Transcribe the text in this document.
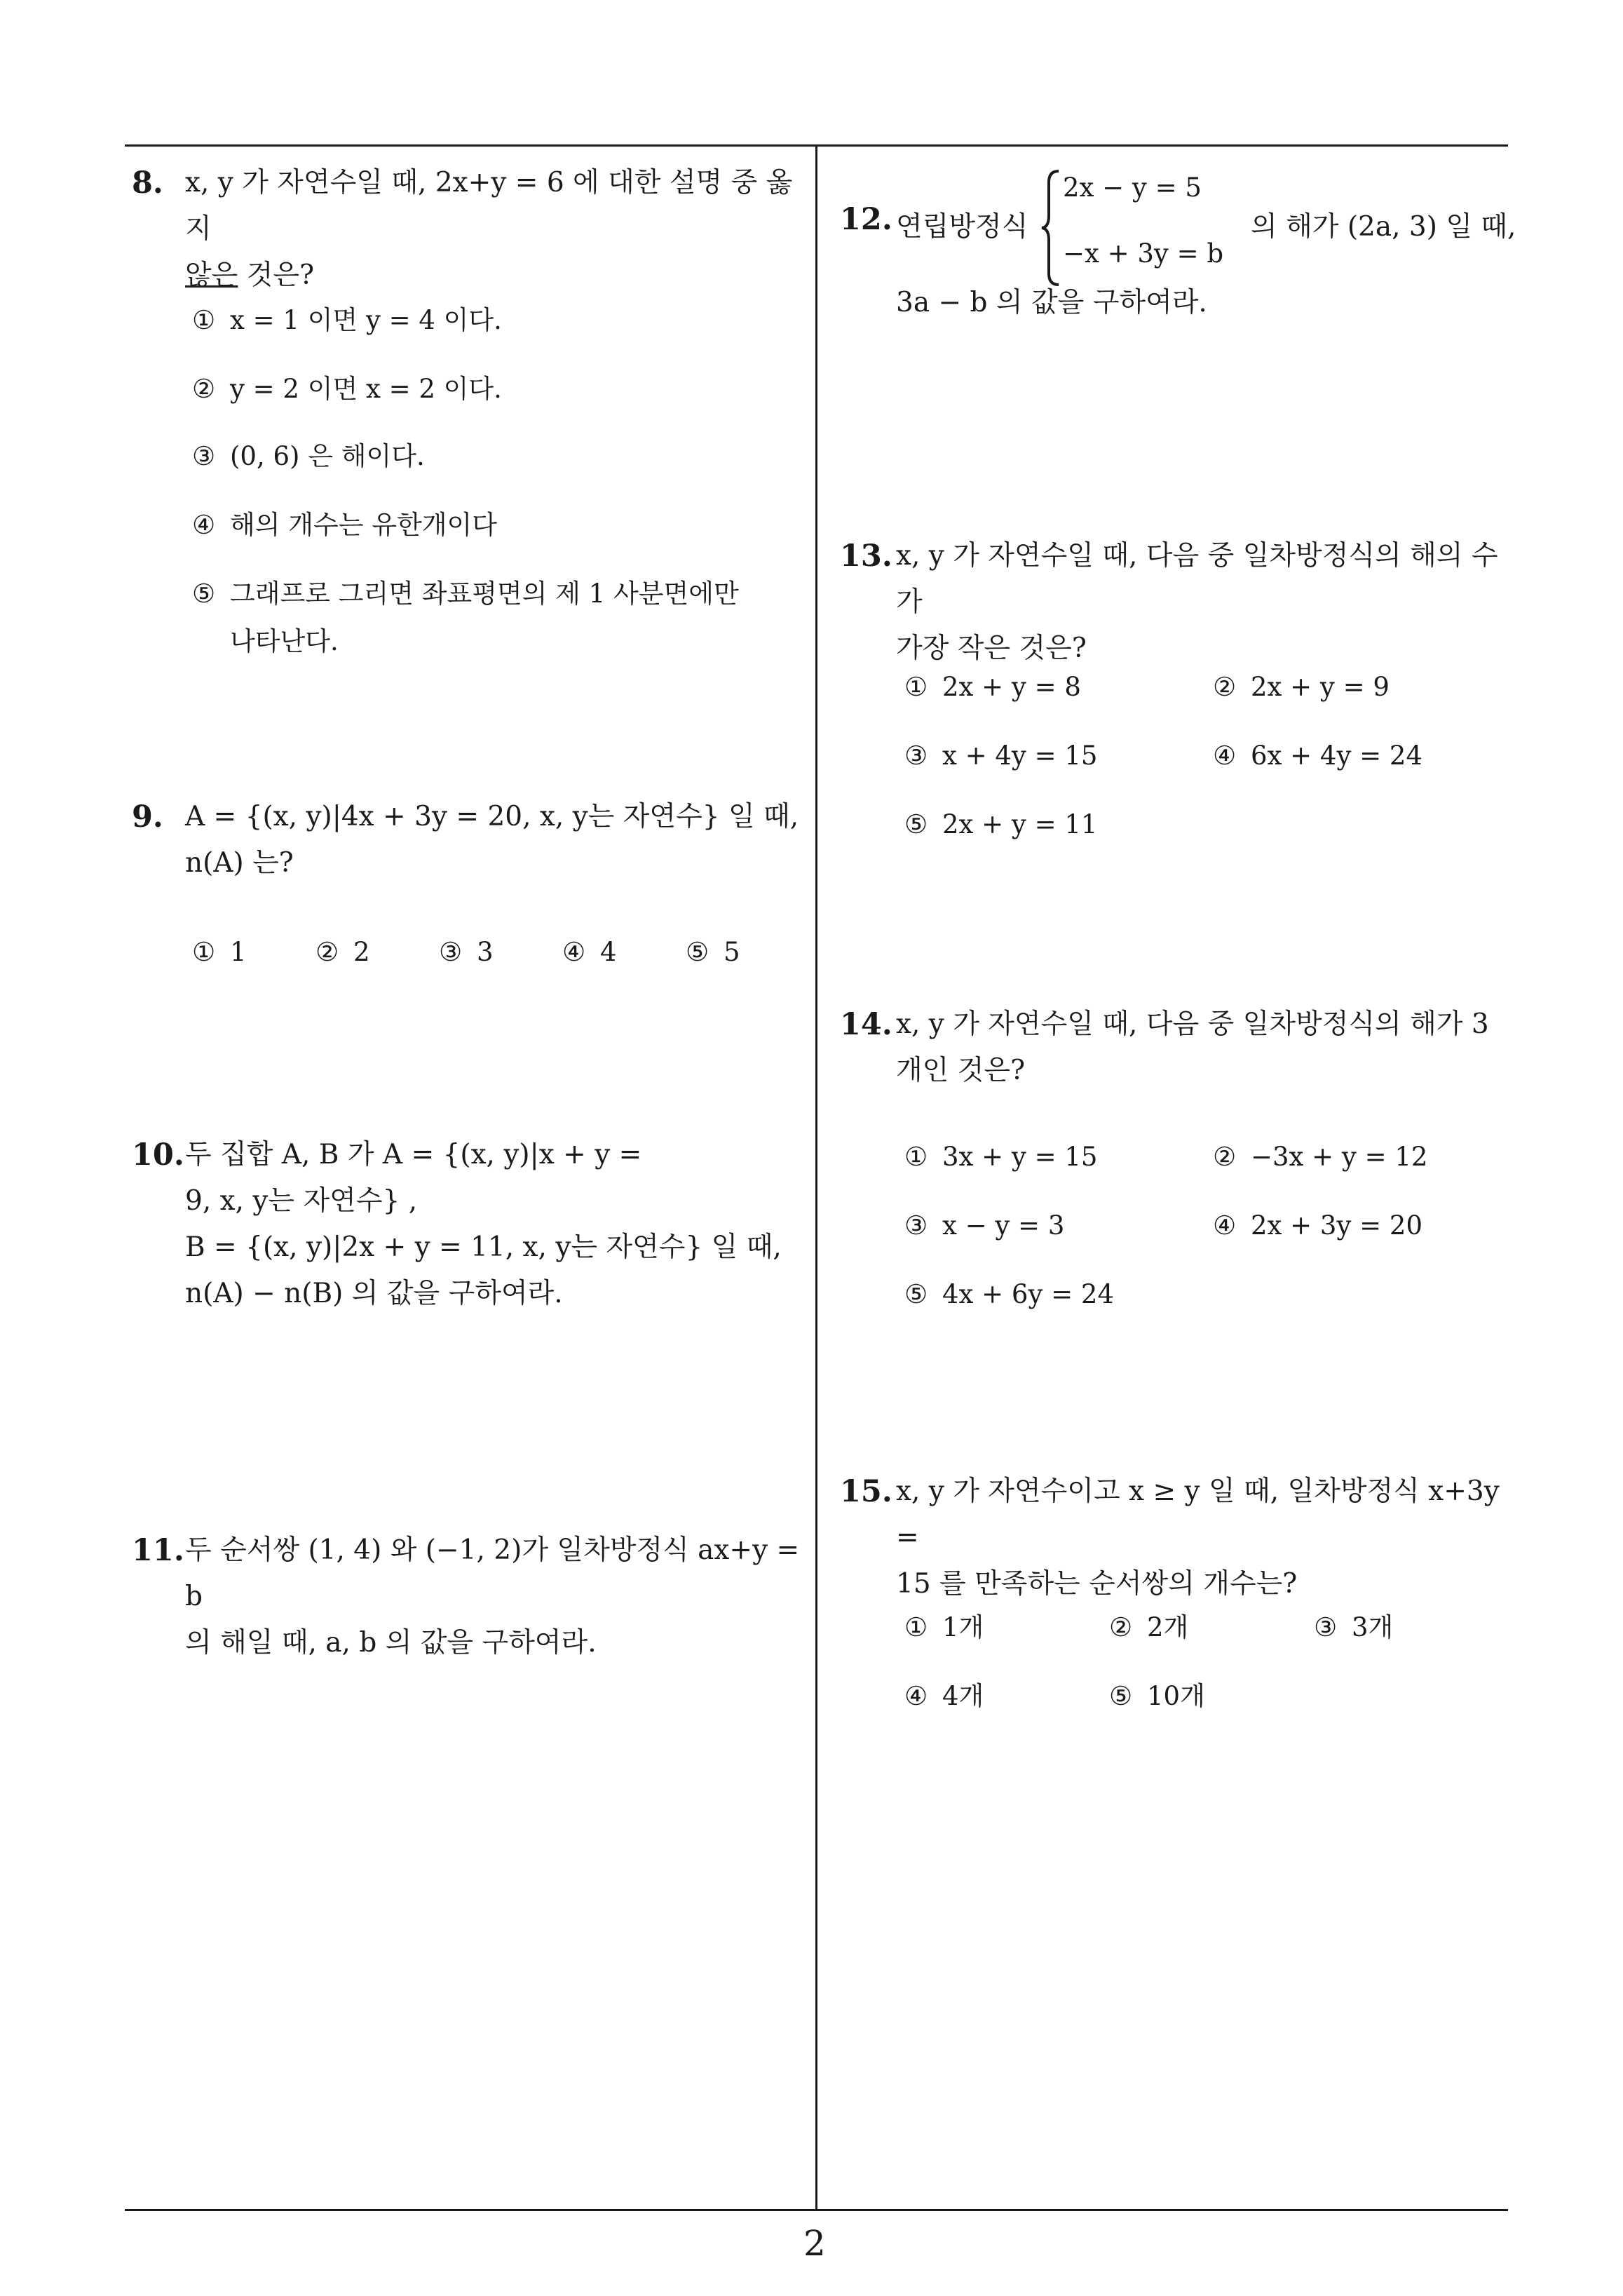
8. x, y 가 자연수일 때, 2x+y = 6 에 대한 설명 중 옳지
않은 것은?
① x = 1 이면 y = 4 이다.
② y = 2 이면 x = 2 이다.
③ (0, 6) 은 해이다.
④ 해의 개수는 유한개이다
⑤ 그래프로 그리면 좌표평면의 제 1 사분면에만
나타난다.
9. A = {(x, y)|4x + 3y = 20, x, y는 자연수} 일 때,
n(A) 는?
① 1	② 2	③ 3	④ 4	⑤ 5
10. 두 집합 A, B 가 A = {(x, y)|x + y =
9, x, y는 자연수} ,
B = {(x, y)|2x + y = 11, x, y는 자연수} 일 때,
n(A) − n(B) 의 값을 구하여라.
11. 두 순서쌍 (1, 4) 와 (−1, 2)가 일차방정식 ax+y = b
의 해일 때, a, b 의 값을 구하여라.
12. 연립방정식
2x − y = 5
−x + 3y = b
의 해가 (2a, 3) 일 때,
3a − b 의 값을 구하여라.
13. x, y 가 자연수일 때, 다음 중 일차방정식의 해의 수가
가장 작은 것은?
① 2x + y = 8	② 2x + y = 9
③ x + 4y = 15	④ 6x + 4y = 24
⑤ 2x + y = 11
14. x, y 가 자연수일 때, 다음 중 일차방정식의 해가 3
개인 것은?
① 3x + y = 15	② −3x + y = 12
③ x − y = 3	④ 2x + 3y = 20
⑤ 4x + 6y = 24
15. x, y 가 자연수이고 x ≥ y 일 때, 일차방정식 x+3y =
15 를 만족하는 순서쌍의 개수는?
① 1개	② 2개	③ 3개
④ 4개	⑤ 10개
2
